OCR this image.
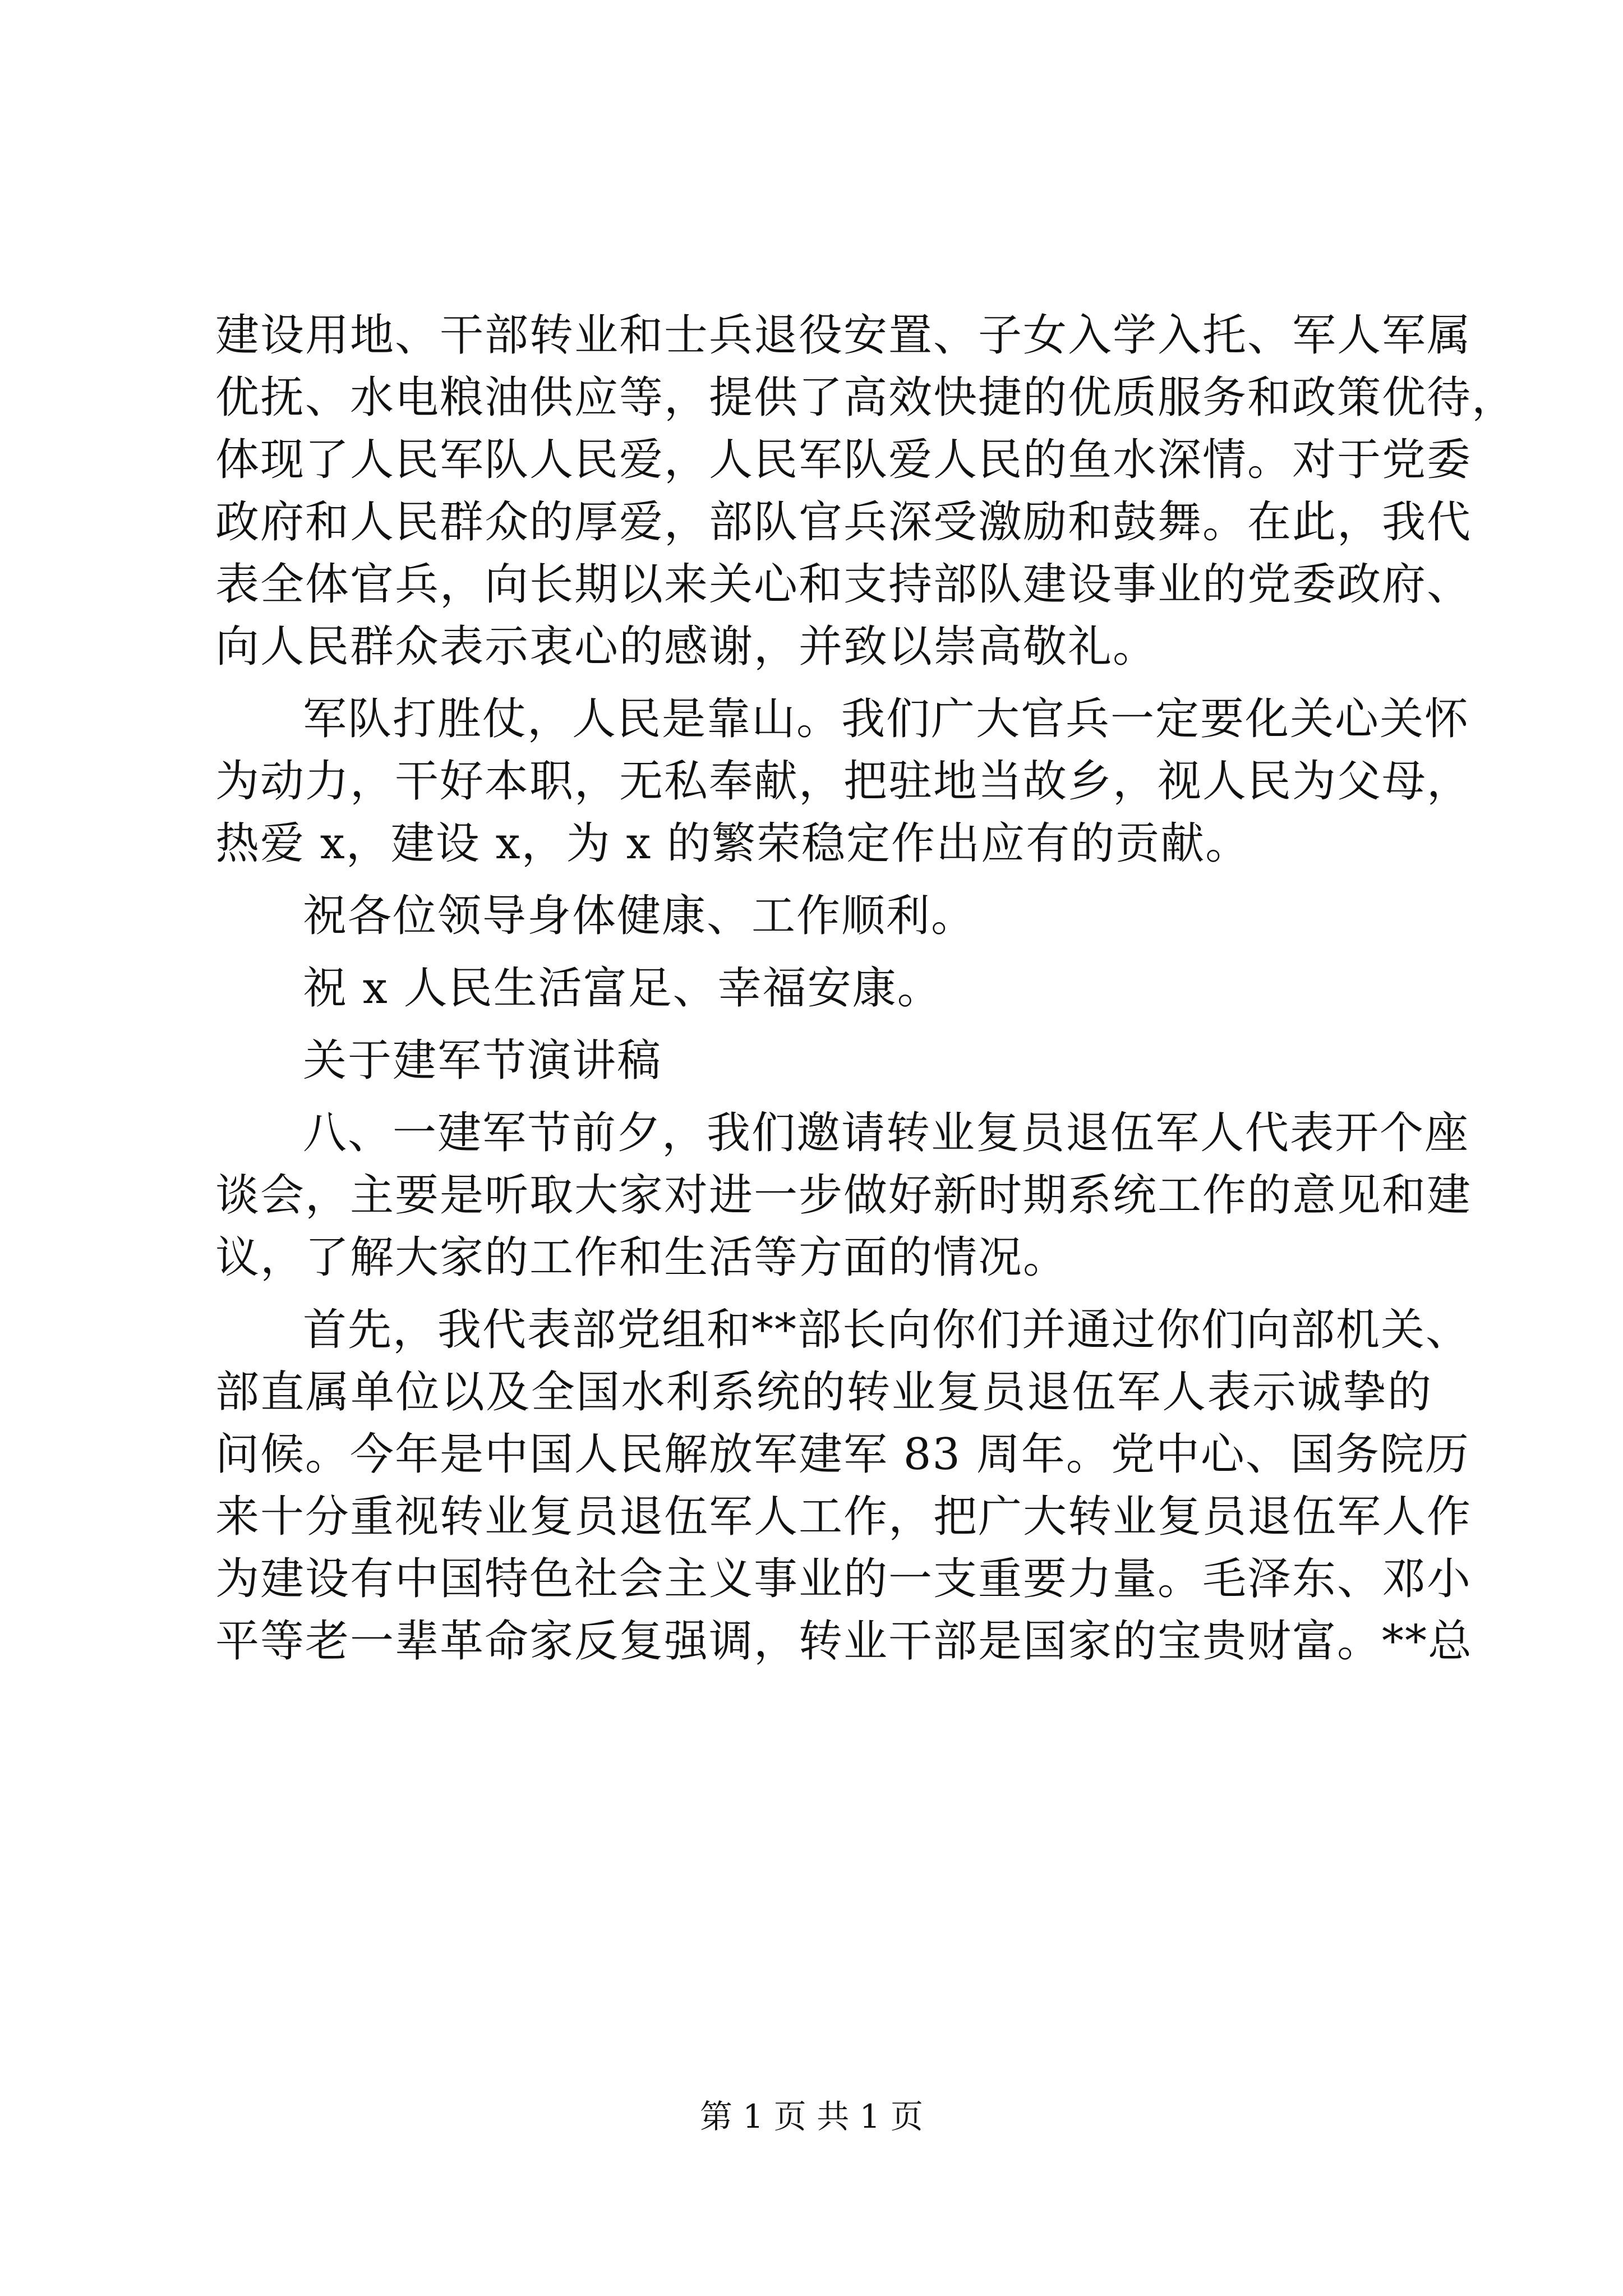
建设用地、干部转业和士兵退役安置、子女入学入托、军人军属
优抚、水电粮油供应等，提供了高效快捷的优质服务和政策优待，
体现了人民军队人民爱，人民军队爱人民的鱼水深情。对于党委
政府和人民群众的厚爱，部队官兵深受激励和鼓舞。在此，我代
表全体官兵，向长期以来关心和支持部队建设事业的党委政府、
向人民群众表示衷心的感谢，并致以崇高敬礼。
军队打胜仗，人民是靠山。我们广大官兵一定要化关心关怀
为动力，干好本职，无私奉献，把驻地当故乡，视人民为父母，
热爱 x，建设 x，为 x 的繁荣稳定作出应有的贡献。
祝各位领导身体健康、工作顺利。
祝 x 人民生活富足、幸福安康。
关于建军节演讲稿
八、一建军节前夕，我们邀请转业复员退伍军人代表开个座
谈会，主要是听取大家对进一步做好新时期系统工作的意见和建
议，了解大家的工作和生活等方面的情况。
首先，我代表部党组和**部长向你们并通过你们向部机关、
部直属单位以及全国水利系统的转业复员退伍军人表示诚挚的
问候。今年是中国人民解放军建军 83 周年。党中心、国务院历
来十分重视转业复员退伍军人工作，把广大转业复员退伍军人作
为建设有中国特色社会主义事业的一支重要力量。毛泽东、邓小
平等老一辈革命家反复强调，转业干部是国家的宝贵财富。**总
第 1 页 共 1 页
